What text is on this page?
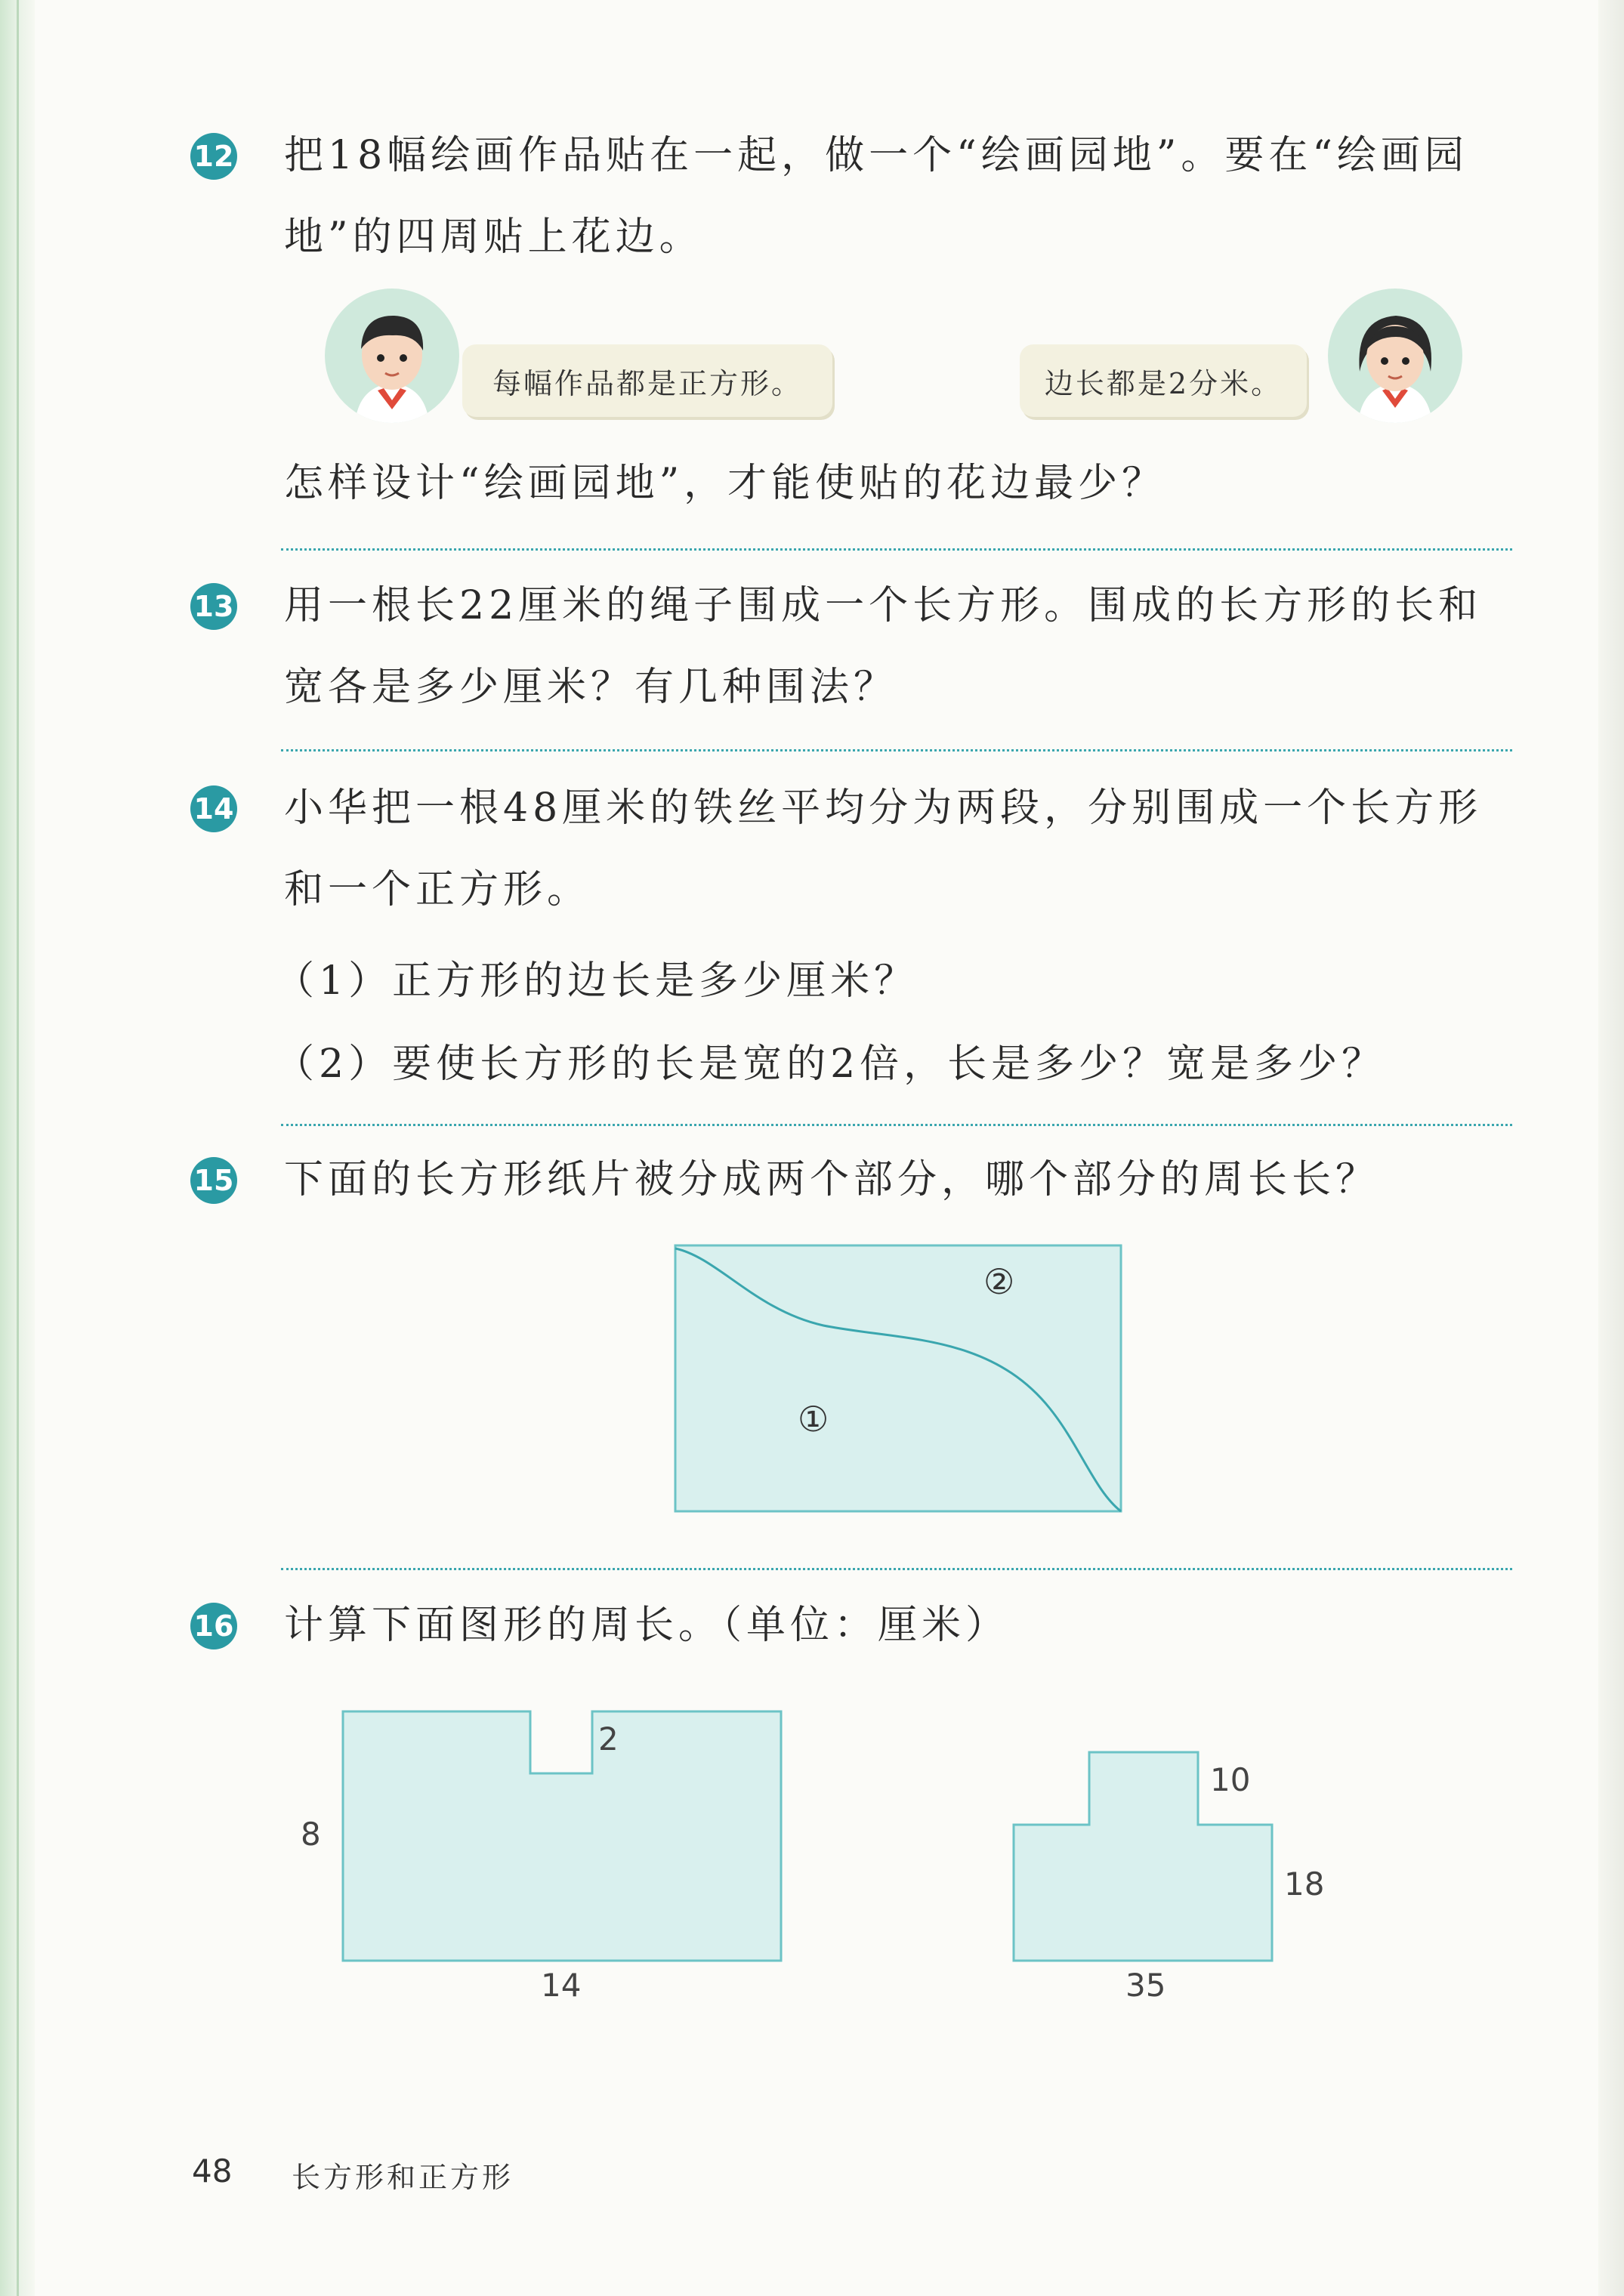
12 把18幅绘画作品贴在一起，做一个“绘画园地”。要在“绘画园地”的四周贴上花边。
每幅作品都是正方形。	边长都是2分米。
怎样设计“绘画园地”，才能使贴的花边最少？
13 用一根长22厘米的绳子围成一个长方形。围成的长方形的长和宽各是多少厘米？有几种围法？
14 小华把一根48厘米的铁丝平均分为两段，分别围成一个长方形和一个正方形。
（1）正方形的边长是多少厘米？
（2）要使长方形的长是宽的2倍，长是多少？宽是多少？
15 下面的长方形纸片被分成两个部分，哪个部分的周长长？
②
①
16 计算下面图形的周长。（单位：厘米）
2
8
14
10
18
35
48 长方形和正方形
